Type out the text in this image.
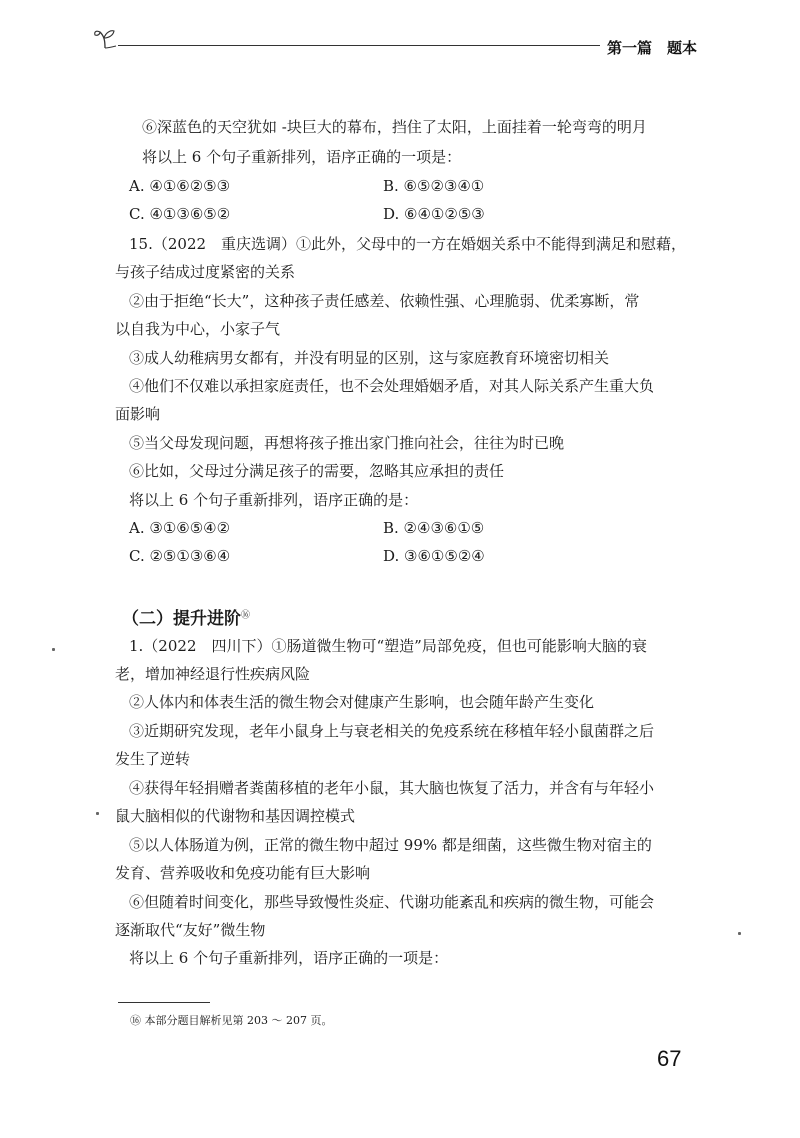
第一篇　题本
⑥深蓝色的天空犹如 -块巨大的幕布，挡住了太阳，上面挂着一轮弯弯的明月
将以上 6 个句子重新排列，语序正确的一项是：
A. ④①⑥②⑤③	B. ⑥⑤②③④①
C. ④①③⑥⑤②	D. ⑥④①②⑤③
15.（2022　重庆选调）①此外，父母中的一方在婚姻关系中不能得到满足和慰藉，
与孩子结成过度紧密的关系
②由于拒绝“长大”，这种孩子责任感差、依赖性强、心理脆弱、优柔寡断，常
以自我为中心，小家子气
③成人幼稚病男女都有，并没有明显的区别，这与家庭教育环境密切相关
④他们不仅难以承担家庭责任，也不会处理婚姻矛盾，对其人际关系产生重大负
面影响
⑤当父母发现问题，再想将孩子推出家门推向社会，往往为时已晚
⑥比如，父母过分满足孩子的需要，忽略其应承担的责任
将以上 6 个句子重新排列，语序正确的是：
A. ③①⑥⑤④②	B. ②④③⑥①⑤
C. ②⑤①③⑥④	D. ③⑥①⑤②④
（二）提升进阶⑯
1.（2022　四川下）①肠道微生物可“塑造”局部免疫，但也可能影响大脑的衰
老，增加神经退行性疾病风险
②人体内和体表生活的微生物会对健康产生影响，也会随年龄产生变化
③近期研究发现，老年小鼠身上与衰老相关的免疫系统在移植年轻小鼠菌群之后
发生了逆转
④获得年轻捐赠者粪菌移植的老年小鼠，其大脑也恢复了活力，并含有与年轻小
鼠大脑相似的代谢物和基因调控模式
⑤以人体肠道为例，正常的微生物中超过 99% 都是细菌，这些微生物对宿主的
发育、营养吸收和免疫功能有巨大影响
⑥但随着时间变化，那些导致慢性炎症、代谢功能紊乱和疾病的微生物，可能会
逐渐取代“友好”微生物
将以上 6 个句子重新排列，语序正确的一项是：
⑯ 本部分题目解析见第 203 ～ 207 页。
67
